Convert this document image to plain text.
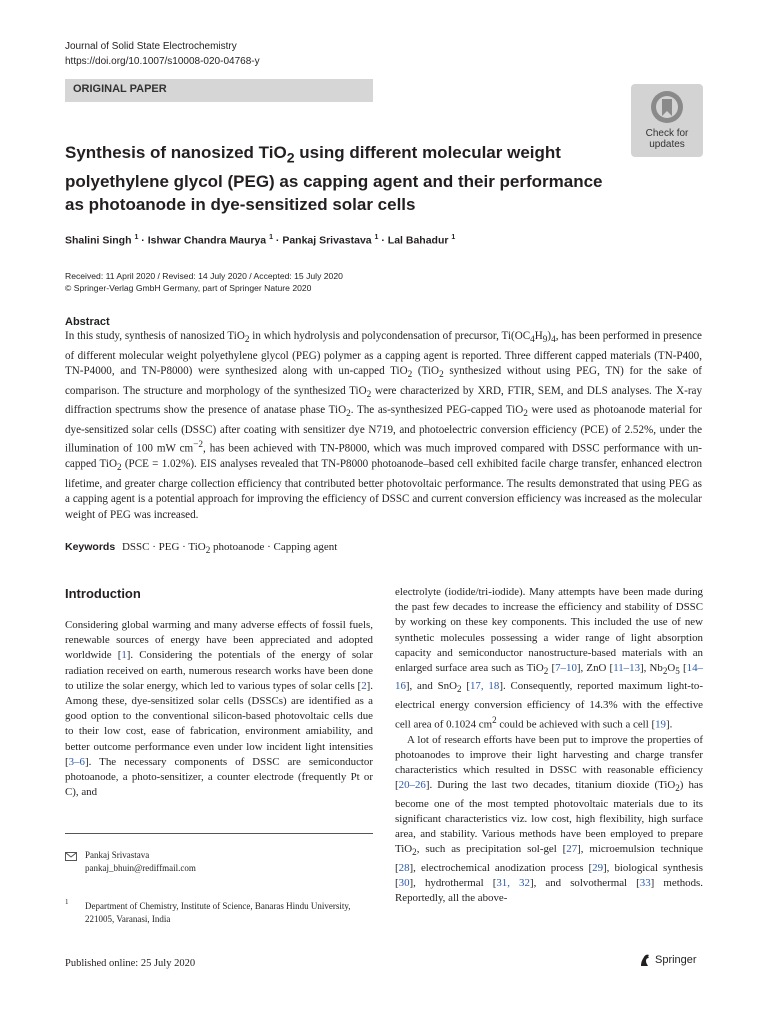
Journal of Solid State Electrochemistry
https://doi.org/10.1007/s10008-020-04768-y
ORIGINAL PAPER
Check for
updates
Synthesis of nanosized TiO$_2$ using different molecular weight polyethylene glycol (PEG) as capping agent and their performance as photoanode in dye-sensitized solar cells
Shalini Singh $^1$ · Ishwar Chandra Maurya $^1$ · Pankaj Srivastava $^1$ · Lal Bahadur $^1$
Received: 11 April 2020 / Revised: 14 July 2020 / Accepted: 15 July 2020
© Springer-Verlag GmbH Germany, part of Springer Nature 2020
Abstract
In this study, synthesis of nanosized TiO$_2$ in which hydrolysis and polycondensation of precursor, $Ti(OC_4H_9)_4$, has been performed in presence of different molecular weight polyethylene glycol (PEG) polymer as a capping agent is reported. Three different capped materials (TN-P400, TN-P4000, and TN-P8000) were synthesized along with un-capped TiO$_2$ (TiO$_2$ synthesized without using PEG, TN) for the sake of comparison. The structure and morphology of the synthesized TiO$_2$ were characterized by XRD, FTIR, SEM, and DLS analyses. The X-ray diffraction spectrums show the presence of anatase phase TiO$_2$. The as-synthesized PEG-capped TiO$_2$ were used as photoanode material for dye-sensitized solar cells (DSSC) after coating with sensitizer dye N719, and photoelectric conversion efficiency (PCE) of 2.52%, under the illumination of 100 mW $cm^{-2}$, has been achieved with TN-P8000, which was much improved compared with DSSC performance with un-capped TiO$_2$ (PCE = 1.02%). EIS analyses revealed that TN-P8000 photoanode–based cell exhibited facile charge transfer, enhanced electron lifetime, and greater charge collection efficiency that contributed better photovoltaic performance. The results demonstrated that using PEG as a capping agent is a potential approach for improving the efficiency of DSSC and current conversion efficiency was increased as the molecular weight of PEG was increased.
Keywords DSSC · PEG · TiO$_2$ photoanode · Capping agent
Introduction

Considering global warming and many adverse effects of fossil fuels, renewable sources of energy have been appreciated and adopted worldwide [1]. Considering the potentials of the energy of solar radiation received on earth, numerous research works have been done to utilize the solar energy, which led to various types of solar cells [2]. Among these, dye-sensitized solar cells (DSSCs) are identified as a good option to the conventional silicon-based photovoltaic cells due to their low cost, ease of fabrication, environment amiability, and better outcome performance even under low incident light intensities [3–6]. The necessary components of DSSC are semiconductor photoanode, a photo-sensitizer, a counter electrode (frequently Pt or C), and

electrolyte (iodide/tri-iodide). Many attempts have been made during the past few decades to increase the efficiency and stability of DSSC by working on these key components. This included the use of new synthetic molecules possessing a wider range of light absorption capacity and semiconductor nanostructure-based materials with an enlarged surface area such as TiO$_2$ [7–10], ZnO [11–13], $Nb_2O_5$ [14–16], and SnO$_2$ [17, 18]. Consequently, reported maximum light-to-electrical energy conversion efficiency of 14.3% with the effective cell area of 0.1024 $cm^2$ could be achieved with such a cell [19].

A lot of research efforts have been put to improve the properties of photoanodes to improve their light harvesting and charge transfer characteristics which resulted in DSSC with reasonable efficiency [20–26]. During the last two decades, titanium dioxide (TiO$_2$) has become one of the most tempted photovoltaic materials due to its significant characteristics viz. low cost, high flexibility, high surface area, and stability. Various methods have been employed to prepare TiO$_2$, such as precipitation sol-gel [27], microemulsion technique [28], electrochemical anodization process [29], biological synthesis [30], hydrothermal [31, 32], and solvothermal [33] methods. Reportedly, all the above-

Pankaj Srivastava
pankaj_bhuin@rediffmail.com
1 Department of Chemistry, Institute of Science, Banaras Hindu University, 221005, Varanasi, India
Published online: 25 July 2020	Springer
